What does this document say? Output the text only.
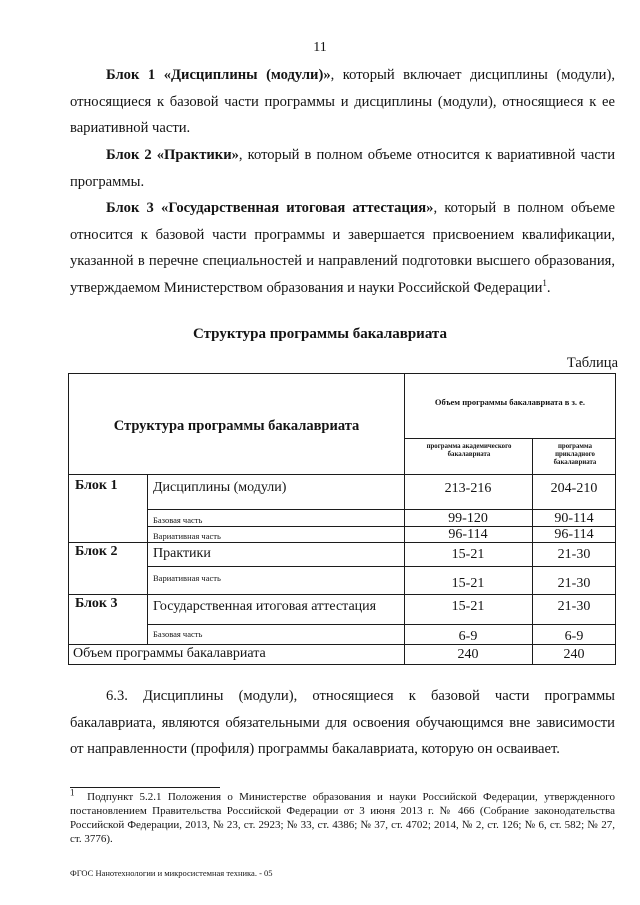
11

Блок 1 «Дисциплины (модули)», который включает дисциплины (модули), относящиеся к базовой части программы и дисциплины (модули), относящиеся к ее вариативной части.

Блок 2 «Практики», который в полном объеме относится к вариативной части программы.

Блок 3 «Государственная итоговая аттестация», который в полном объеме относится к базовой части программы и завершается присвоением квалификации, указанной в перечне специальностей и направлений подготовки высшего образования, утверждаемом Министерством образования и науки Российской Федерации$^1$.

Структура программы бакалавриата
Таблица
Структура программы бакалавриата
Объем программы бакалавриата в з. е.
программа академического бакалавриата
программа прикладного бакалавриата
Блок 1	Дисциплины (модули)	213-216	204-210
Базовая часть	99-120	90-114
Вариативная часть	96-114	96-114
Блок 2	Практики	15-21	21-30
Вариативная часть	15-21	21-30
Блок 3	Государственная итоговая аттестация	15-21	21-30
Базовая часть	6-9	6-9
Объем программы бакалавриата	240	240

6.3. Дисциплины (модули), относящиеся к базовой части программы бакалавриата, являются обязательными для освоения обучающимся вне зависимости от направленности (профиля) программы бакалавриата, которую он осваивает.

$^1$ Подпункт 5.2.1 Положения о Министерстве образования и науки Российской Федерации, утвержденного постановлением Правительства Российской Федерации от 3 июня 2013 г. № 466 (Собрание законодательства Российской Федерации, 2013, № 23, ст. 2923; № 33, ст. 4386; № 37, ст. 4702; 2014, № 2, ст. 126; № 6, ст. 582; № 27, ст. 3776).

ФГОС Нанотехнологии и микросистемная техника. - 05
